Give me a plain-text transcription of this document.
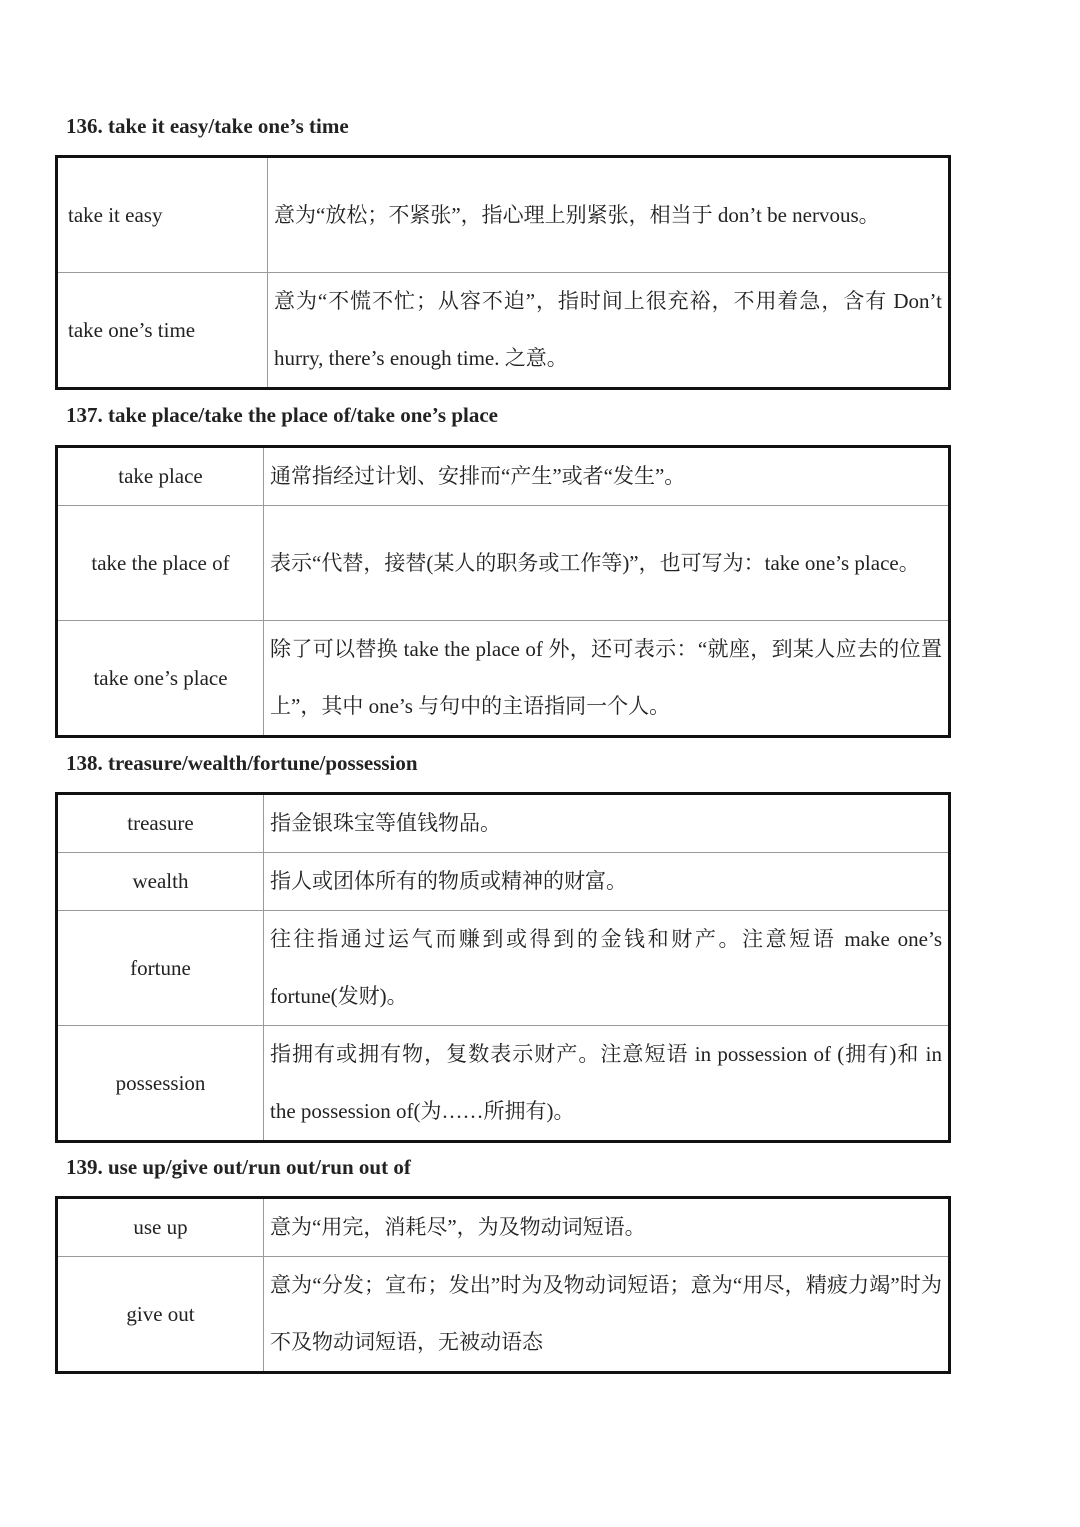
136. take it easy/take one’s time
take it easy	意为“放松；不紧张”，指心理上别紧张，相当于 don’t be nervous。
take one’s time	意为“不慌不忙；从容不迫”，指时间上很充裕，不用着急，含有 Don’t hurry, there’s enough time. 之意。
137. take place/take the place of/take one’s place
take place	通常指经过计划、安排而“产生”或者“发生”。
take the place of	表示“代替，接替(某人的职务或工作等)”，也可写为：take one’s place。
take one’s place	除了可以替换 take the place of 外，还可表示：“就座，到某人应去的位置上”，其中 one’s 与句中的主语指同一个人。
138. treasure/wealth/fortune/possession
treasure	指金银珠宝等值钱物品。
wealth	指人或团体所有的物质或精神的财富。
fortune	往往指通过运气而赚到或得到的金钱和财产。注意短语 make one’s fortune(发财)。
possession	指拥有或拥有物，复数表示财产。注意短语 in possession of (拥有)和 in the possession of(为……所拥有)。
139. use up/give out/run out/run out of
use up	意为“用完，消耗尽”，为及物动词短语。
give out	意为“分发；宣布；发出”时为及物动词短语；意为“用尽，精疲力竭”时为不及物动词短语，无被动语态
